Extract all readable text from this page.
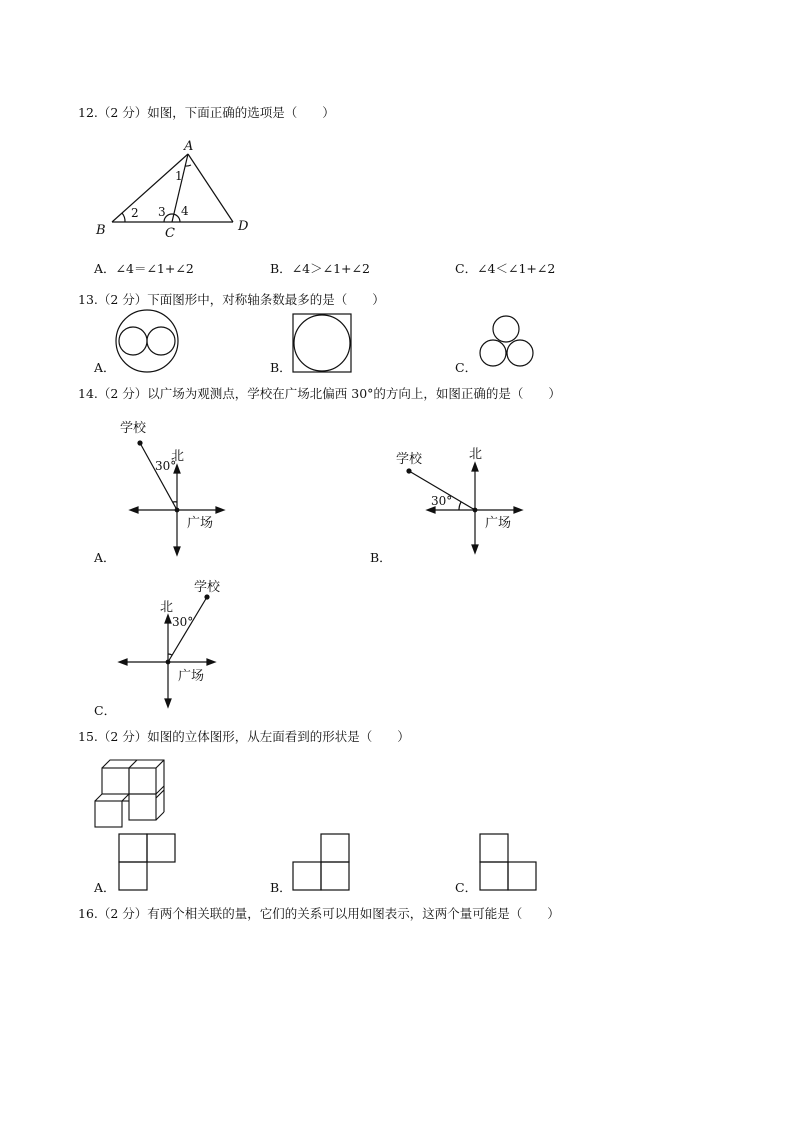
12.（2 分）如图，下面正确的选项是（　　）
A
B	C	D
1
2 3 4
A．∠4＝∠1+∠2	B．∠4＞∠1+∠2	C．∠4＜∠1+∠2
13.（2 分）下面图形中，对称轴条数最多的是（　　）
A．	B．	C．
14.（2 分）以广场为观测点，学校在广场北偏西 30°的方向上，如图正确的是（　　）
学校
北
30°
广场
A．
学校	北
30°
广场
B．
学校
北
30°
广场
C．
15.（2 分）如图的立体图形，从左面看到的形状是（　　）
A．	B．	C．
16.（2 分）有两个相关联的量，它们的关系可以用如图表示，这两个量可能是（　　）
